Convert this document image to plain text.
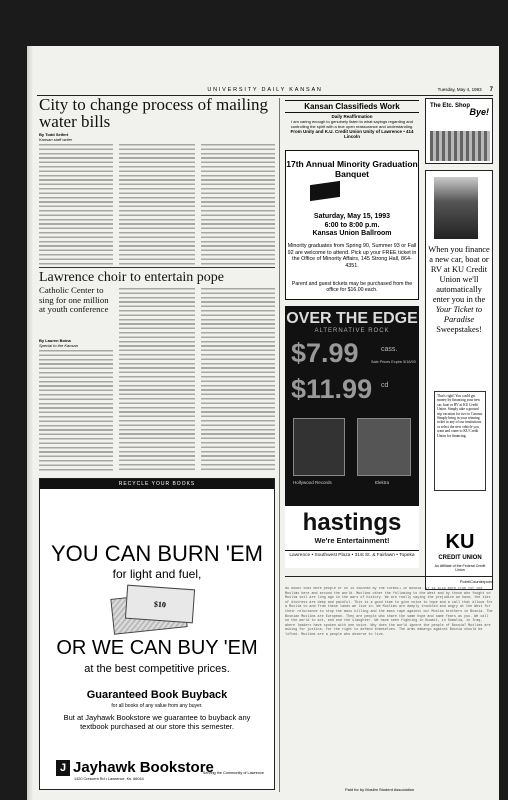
UNIVERSITY DAILY KANSAN	Tuesday, May 4, 1993 7
City to change process of mailing water bills
By Todd Seifert
Kansan staff writer
Lawrence choir to entertain pope
Catholic Center to sing for one million at youth conference
By Lauren Boina
Special to the Kansan
RECYCLE YOUR BOOKS
YOU CAN BURN 'EM
for light and fuel,
$10
OR WE CAN BUY 'EM
at the best competitive prices.
Guaranteed Book Buyback
for all books of any value from any buyer.
But at Jayhawk Bookstore we guarantee to buyback any textbook purchased at our store this semester.
J Jayhawk Bookstore
1420 Crescent Rd • Lawrence, Ks. 66044
Serving the Community of Lawrence
Kansan Classifieds Work
Daily Reaffirmation
I am caring enough to genuinely listen to what sayings regarding and controlling the spirit with a true open reassurance and understanding.

From Unity and K.U. Credit Union Unity of Lawrence • 414 Lincoln
17th Annual Minority Graduation Banquet
Saturday, May 15, 1993
6:00 to 8:00 p.m.
Kansas Union Ballroom
Minority graduates from Spring 90, Summer 93 or Fall 92 are welcome to attend. Pick up your FREE ticket in the Office of Minority Affairs, 145 Strong Hall, 864-4351.
Parent and guest tickets may be purchased from the office for $16.00 each.
OVER THE EDGE
ALTERNATIVE ROCK
$7.99	cass.
Sale Prices Expire 5/16/93
$11.99 cd
Hollywood Records	Elektra
hastings
We're Entertainment!
Lawrence • Southwest Plaza • 31st St. & Fairlawn • Topeka
The Etc. Shop
Bye!
When you finance a new car, boat or RV at KU Credit Union we'll automatically enter you in the Your Ticket to Paradise Sweepstakes!
That's right! You could get money by financing your new car, boat or RV at KU Credit Union. Simply take a ground trip vacation for two to Cancun. Simply bring in your winning ticket to any of our institutions or select the new vehicle you want and come to KU Credit Union for financing.
KU
CREDIT UNION
An Affiliate of the Federal Credit Union
Point/Counterpoint
No doubt that more people of us is touched by the turmoil in Bosnia. It is also more true for the Muslims here and around the world. Muslims other the following to the West and by those who fought on Muslim soil are long ago in the wars of history. We are really saying the prejudice we have, the ties of distress are deep and painful. This is a good time to give voice to hope and a call that allows for a Muslim to and from these lands we live in. We Muslims are deeply troubled and angry at the West for their reluctance to stop the mass killing and the mass rape against our Muslim brothers in Bosnia. The Bosnian Muslims are European. They are people who share the same hope and same fears as you. We call on the world to act, and end the slaughter. We have seen fighting in Kuwait, in Somalia, in Iraq, where leaders have spoken with one voice. Why does the world ignore the people of Bosnia? Muslims are asking for justice, for the right to defend themselves. The arms embargo against Bosnia should be lifted. Muslims are a people who deserve to live.
Paid for by Muslim Student Association
